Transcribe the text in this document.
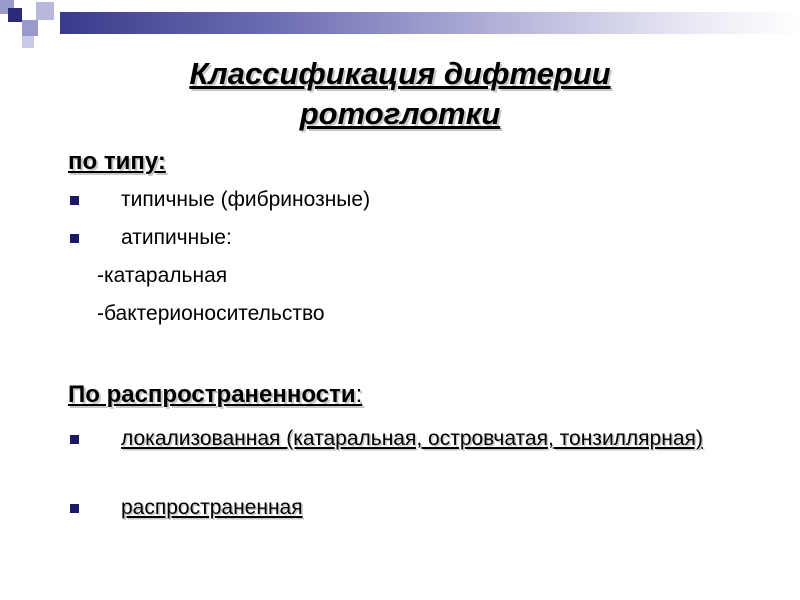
Классификация дифтерии ротоглотки
по типу:
типичные (фибринозные)
атипичные:
-катаральная
-бактерионосительство
По распространенности:
локализованная (катаральная, островчатая, тонзиллярная)
распространенная
